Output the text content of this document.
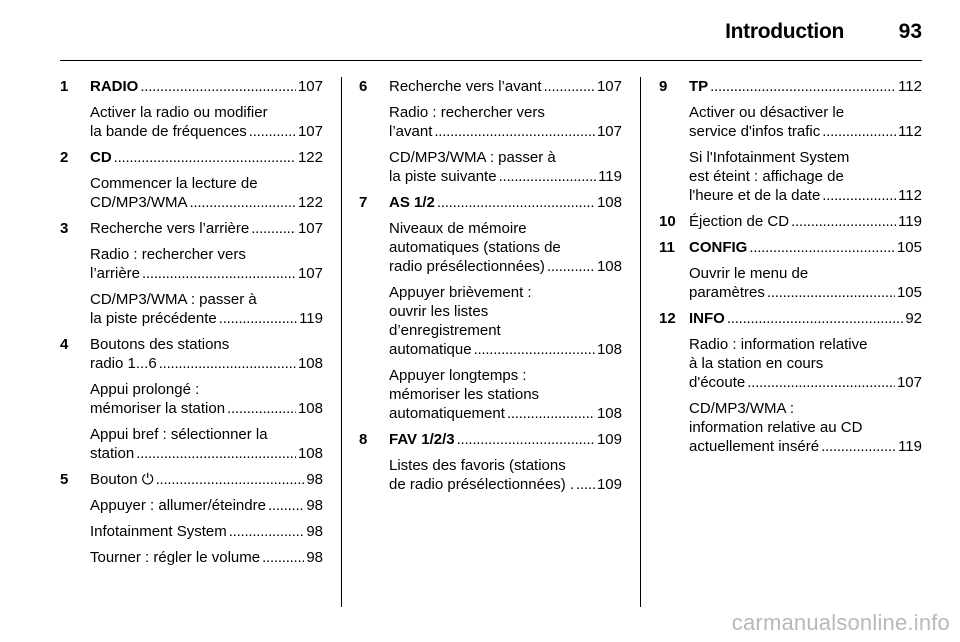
Introduction	93
1	RADIO . . .	107
Activer la radio ou modifier
la bande de fréquences . . .	107
2	CD . . .	122
Commencer la lecture de
CD/MP3/WMA . . .	122
3	Recherche vers l’arrière . . .	107
Radio : rechercher vers
l’arrière . . .	107
CD/MP3/WMA : passer à
la piste précédente . . .	119
4	Boutons des stations
radio 1...6 . . .	108
Appui prolongé :
mémoriser la station . . .	108
Appui bref : sélectionner la
station . . .	108
5	Bouton ⏻ . . .	98
Appuyer : allumer/éteindre . . .	98
Infotainment System . . .	98
Tourner : régler le volume . . .	98
6	Recherche vers l’avant . . .	107
Radio : rechercher vers
l’avant . . .	107
CD/MP3/WMA : passer à
la piste suivante . . .	119
7	AS 1/2 . . .	108
Niveaux de mémoire
automatiques (stations de
radio présélectionnées) . . .	108
Appuyer brièvement :
ouvrir les listes
d’enregistrement
automatique . . .	108
Appuyer longtemps :
mémoriser les stations
automatiquement . . .	108
8	FAV 1/2/3 . . .	109
Listes des favoris (stations
de radio présélectionnées) . . . . 109
9	TP . . .	112
Activer ou désactiver le
service d'infos trafic . . .	112
Si l'Infotainment System
est éteint : affichage de
l'heure et de la date . . .	112
10 Éjection de CD . . .	119
11 CONFIG . . .	105
Ouvrir le menu de
paramètres . . .	105
12 INFO . . .	92
Radio : information relative
à la station en cours
d'écoute . . .	107
CD/MP3/WMA :
information relative au CD
actuellement inséré . . .	119
carmanualsonline.info
